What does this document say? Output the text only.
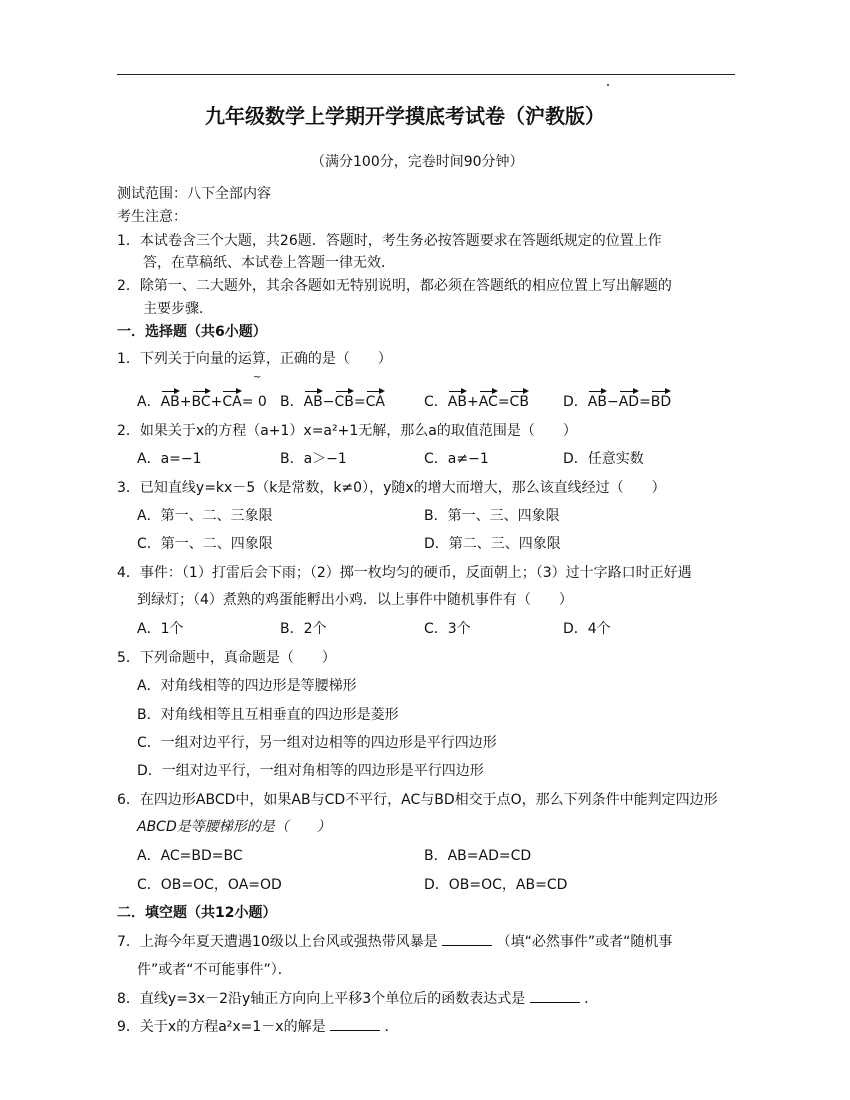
九年级数学上学期开学摸底考试卷（沪教版）
（满分100分，完卷时间90分钟）
测试范围：八下全部内容
考生注意：
1．本试卷含三个大题，共26题．答题时，考生务必按答题要求在答题纸规定的位置上作
答，在草稿纸、本试卷上答题一律无效．
2．除第一、二大题外，其余各题如无特别说明，都必须在答题纸的相应位置上写出解题的
主要步骤．
一．选择题（共6小题）
1．下列关于向量的运算，正确的是（　　）
~
A．AB+BC+CA= 0 B．AB−CB=CA	C．AB+AC=CB D．AB−AD=BD
2．如果关于x的方程（a+1）x=a²+1无解，那么a的取值范围是（　　）
A．a=−1	B．a＞−1	C．a≠−1	D．任意实数
3．已知直线y=kx－5（k是常数，k≠0），y随x的增大而增大，那么该直线经过（　　）
A．第一、二、三象限	B．第一、三、四象限
C．第一、二、四象限	D．第二、三、四象限
4．事件：（1）打雷后会下雨；（2）掷一枚均匀的硬币，反面朝上；（3）过十字路口时正好遇
到绿灯；（4）煮熟的鸡蛋能孵出小鸡．以上事件中随机事件有（　　）
A．1个	B．2个	C．3个	D．4个
5．下列命题中，真命题是（　　）
A．对角线相等的四边形是等腰梯形
B．对角线相等且互相垂直的四边形是菱形
C．一组对边平行，另一组对边相等的四边形是平行四边形
D．一组对边平行，一组对角相等的四边形是平行四边形
6．在四边形ABCD中，如果AB与CD不平行，AC与BD相交于点O，那么下列条件中能判定四边形
ABCD是等腰梯形的是（　　）
A．AC=BD=BC	B．AB=AD=CD
C．OB=OC，OA=OD	D．OB=OC，AB=CD
二．填空题（共12小题）
7．上海今年夏天遭遇10级以上台风或强热带风暴是	（填“必然事件”或者“随机事
件”或者“不可能事件”）．
8．直线y=3x－2沿y轴正方向向上平移3个单位后的函数表达式是	．
9．关于x的方程a²x=1－x的解是	．
